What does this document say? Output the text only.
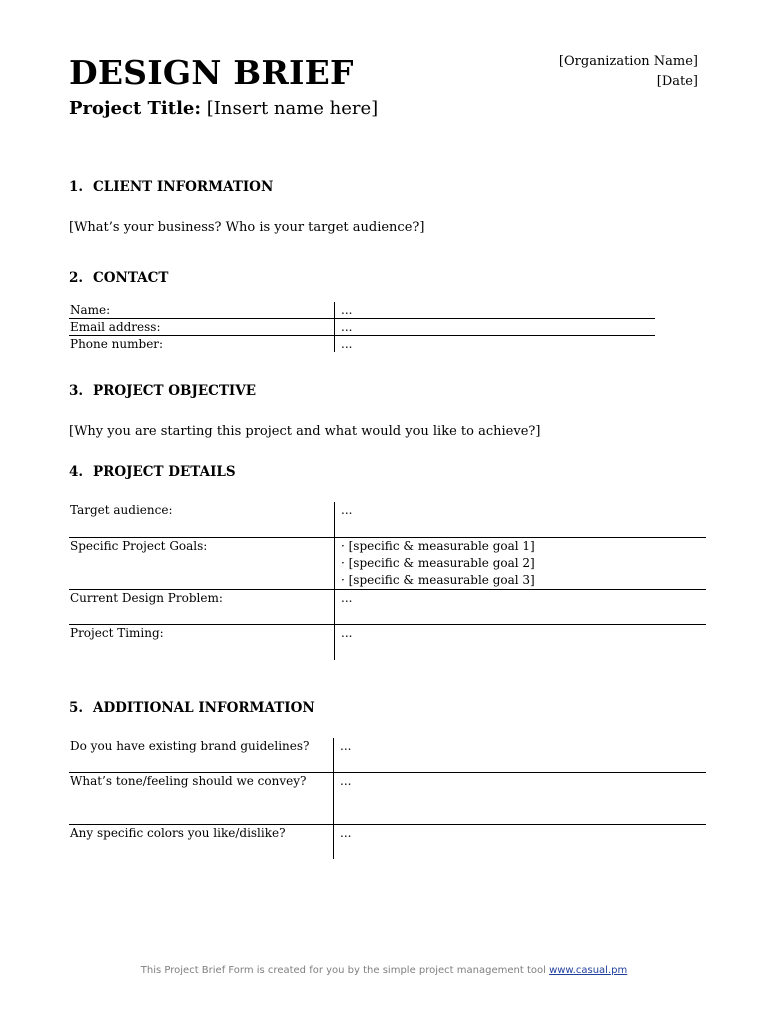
DESIGN BRIEF	[Organization Name]
[Date]
Project Title: [Insert name here]
1. CLIENT INFORMATION
[What’s your business? Who is your target audience?]
2. CONTACT
Name:	...
Email address:	...
Phone number:	...
3. PROJECT OBJECTIVE
[Why you are starting this project and what would you like to achieve?]
4. PROJECT DETAILS
Target audience:	...
Specific Project Goals:	· [specific & measurable goal 1]
· [specific & measurable goal 2]
· [specific & measurable goal 3]

Current Design Problem:	...
Project Timing:	...
5. ADDITIONAL INFORMATION
Do you have existing brand guidelines?	...
What’s tone/feeling should we convey?	...
Any specific colors you like/dislike?	...
This Project Brief Form is created for you by the simple project management tool www.casual.pm
